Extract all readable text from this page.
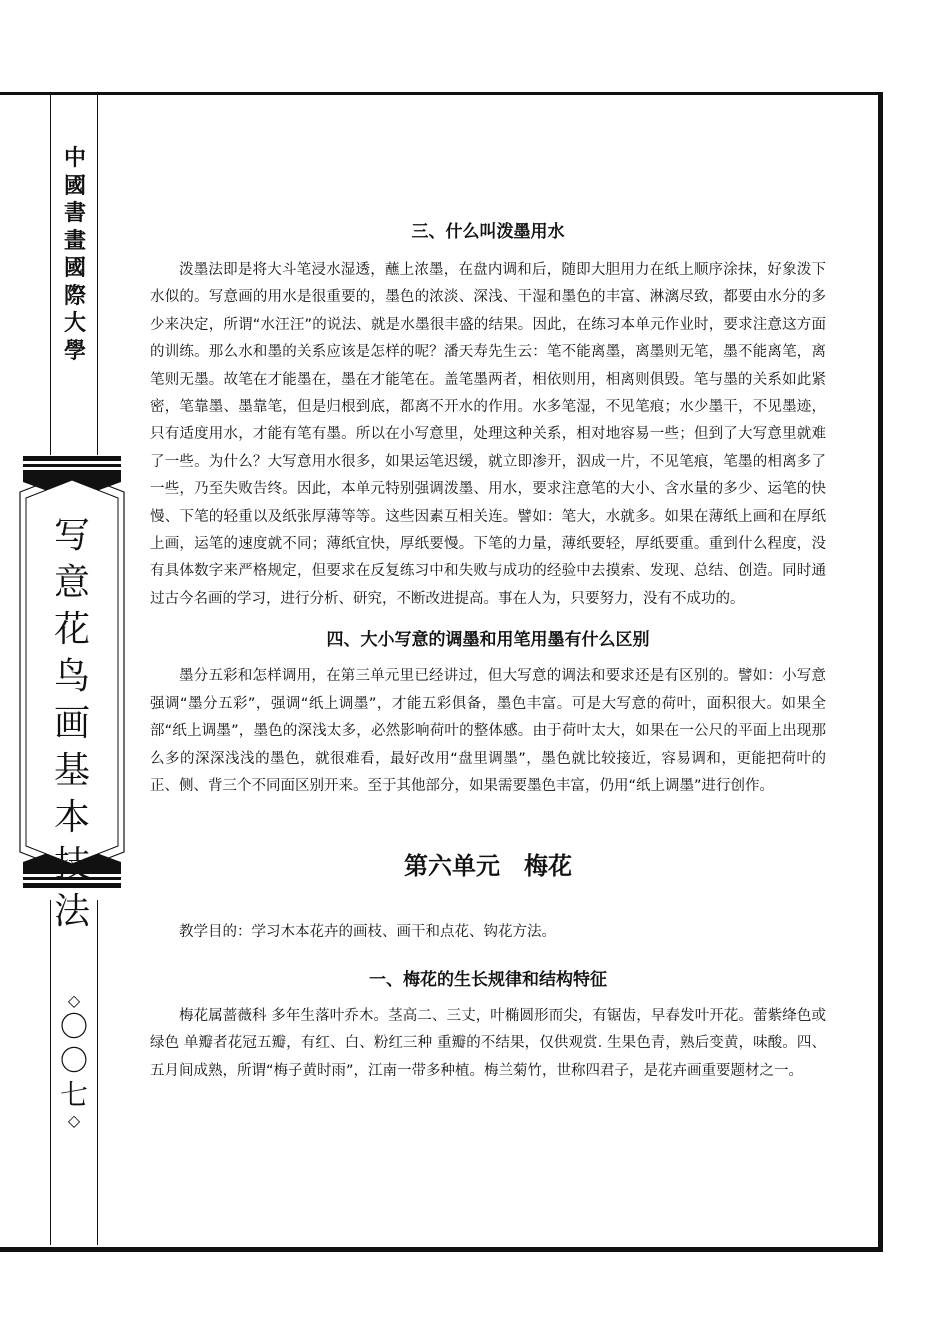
中
國
書
畫
國
際
大
學
写
意
花
鸟
画
基
本
技
法
◇
〇
〇
七
◇
三、什么叫泼墨用水

泼墨法即是将大斗笔浸水湿透，蘸上浓墨，在盘内调和后，随即大胆用力在纸上顺序涂抹，好象泼下水似的。写意画的用水是很重要的，墨色的浓淡、深浅、干湿和墨色的丰富、淋漓尽致，都要由水分的多少来决定，所谓“水汪汪”的说法、就是水墨很丰盛的结果。因此，在练习本单元作业时，要求注意这方面的训练。那么水和墨的关系应该是怎样的呢？潘天寿先生云：笔不能离墨，离墨则无笔，墨不能离笔，离笔则无墨。故笔在才能墨在，墨在才能笔在。盖笔墨两者，相依则用，相离则俱毁。笔与墨的关系如此紧密，笔靠墨、墨靠笔，但是归根到底，都离不开水的作用。水多笔湿，不见笔痕；水少墨干，不见墨迹，只有适度用水，才能有笔有墨。所以在小写意里，处理这种关系，相对地容易一些；但到了大写意里就难了一些。为什么？大写意用水很多，如果运笔迟缓，就立即渗开，泅成一片，不见笔痕，笔墨的相离多了一些，乃至失败告终。因此，本单元特别强调泼墨、用水，要求注意笔的大小、含水量的多少、运笔的快慢、下笔的轻重以及纸张厚薄等等。这些因素互相关连。譬如：笔大，水就多。如果在薄纸上画和在厚纸上画，运笔的速度就不同；薄纸宜快，厚纸要慢。下笔的力量，薄纸要轻，厚纸要重。重到什么程度，没有具体数字来严格规定，但要求在反复练习中和失败与成功的经验中去摸索、发现、总结、创造。同时通过古今名画的学习，进行分析、研究，不断改进提高。事在人为，只要努力，没有不成功的。

四、大小写意的调墨和用笔用墨有什么区别

墨分五彩和怎样调用，在第三单元里已经讲过，但大写意的调法和要求还是有区别的。譬如：小写意强调“墨分五彩”，强调“纸上调墨”，才能五彩俱备，墨色丰富。可是大写意的荷叶，面积很大。如果全部“纸上调墨”，墨色的深浅太多，必然影响荷叶的整体感。由于荷叶太大，如果在一公尺的平面上出现那么多的深深浅浅的墨色，就很难看，最好改用“盘里调墨”，墨色就比较接近，容易调和，更能把荷叶的正、侧、背三个不同面区别开来。至于其他部分，如果需要墨色丰富，仍用“纸上调墨”进行创作。

第六单元　梅花

教学目的：学习木本花卉的画枝、画干和点花、钩花方法。

一、梅花的生长规律和结构特征

梅花属蔷薇科 多年生落叶乔木。茎高二、三丈，叶椭圆形而尖，有锯齿，早春发叶开花。蕾紫绛色或绿色 单瓣者花冠五瓣，有红、白、粉红三种 重瓣的不结果，仅供观赏. 生果色青，熟后变黄，味酸。四、五月间成熟，所谓“梅子黄时雨”，江南一带多种植。梅兰菊竹，世称四君子，是花卉画重要题材之一。
